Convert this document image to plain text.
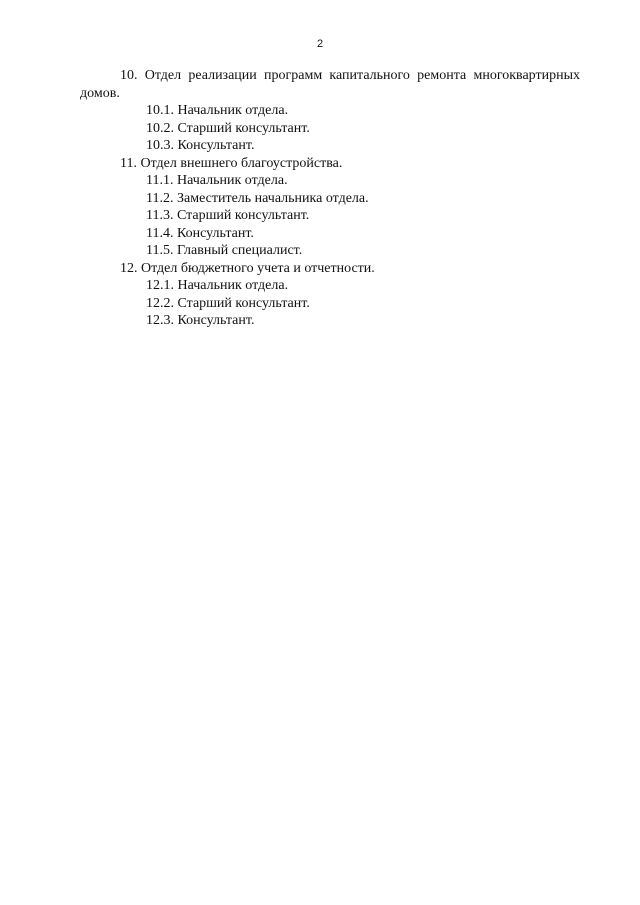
2

10. Отдел реализации программ капитального ремонта многоквартирных домов.

10.1. Начальник отдела.

10.2. Старший консультант.

10.3. Консультант.

11. Отдел внешнего благоустройства.

11.1. Начальник отдела.

11.2. Заместитель начальника отдела.

11.3. Старший консультант.

11.4. Консультант.

11.5. Главный специалист.

12. Отдел бюджетного учета и отчетности.

12.1. Начальник отдела.

12.2. Старший консультант.

12.3. Консультант.
